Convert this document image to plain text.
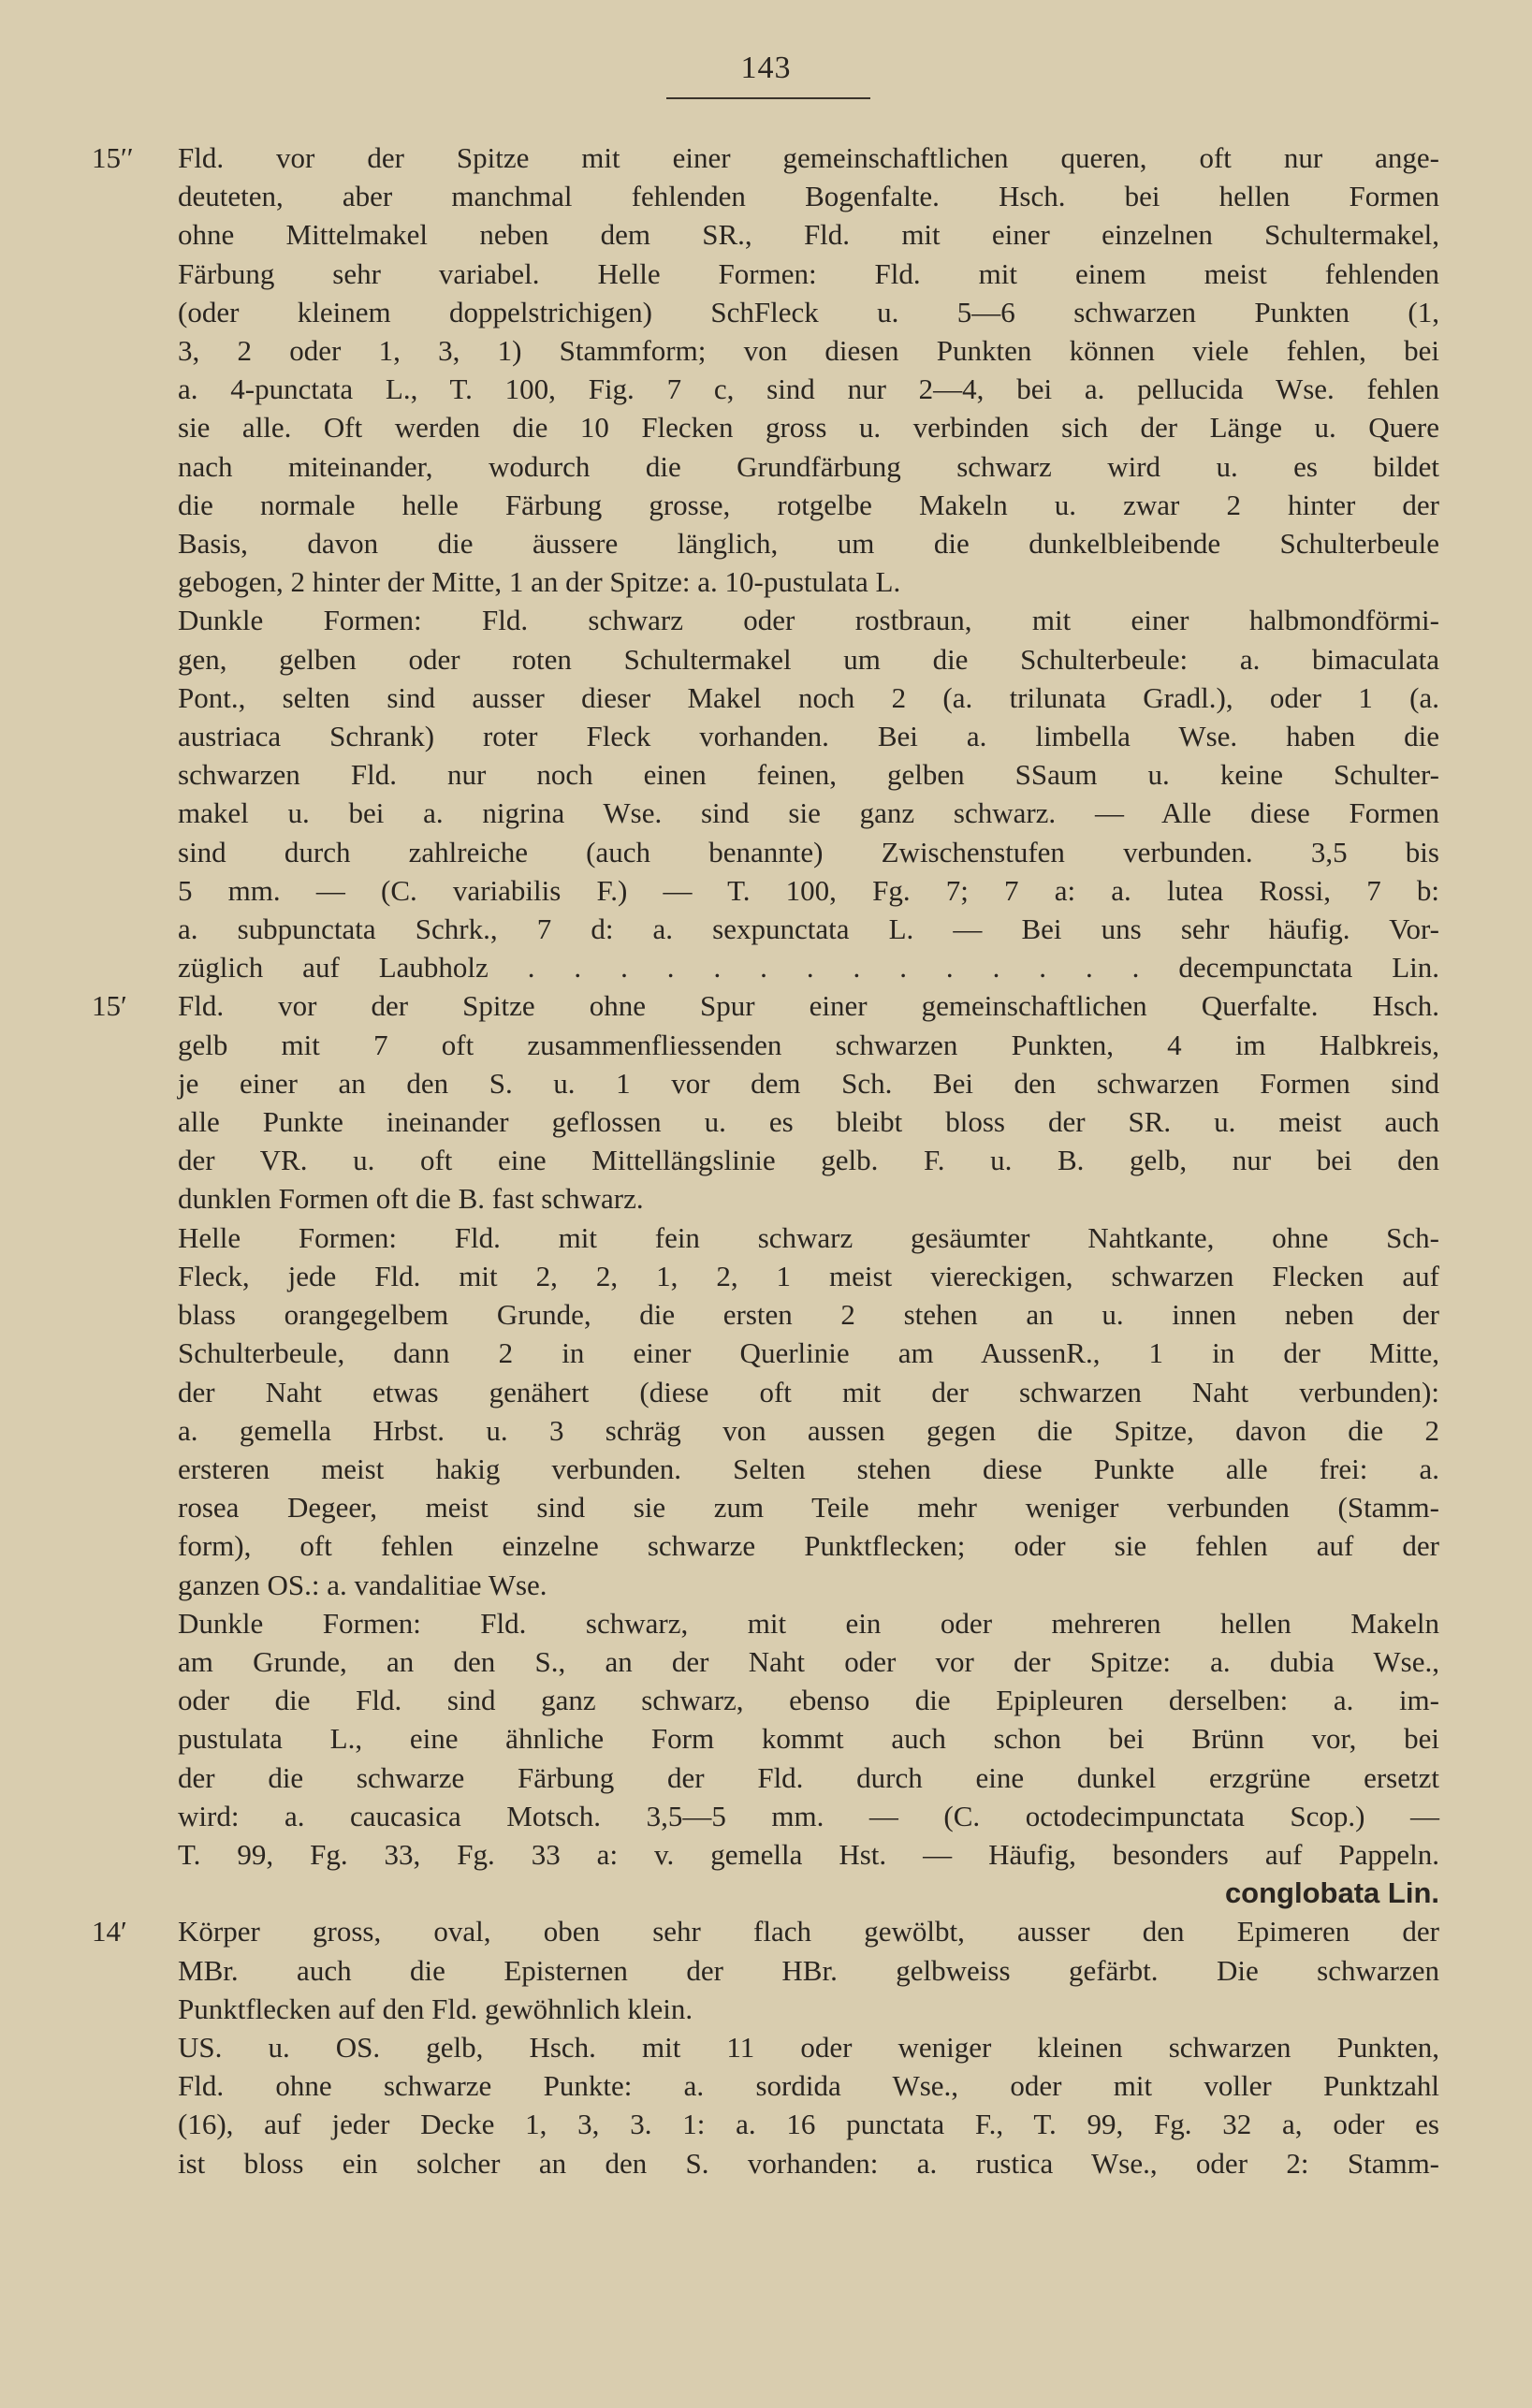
143
15′′ Fld. vor der Spitze mit einer gemeinschaftlichen queren, oft nur ange-
deuteten, aber manchmal fehlenden Bogenfalte. Hsch. bei hellen Formen
ohne Mittelmakel neben dem SR., Fld. mit einer einzelnen Schultermakel,
Färbung sehr variabel. Helle Formen: Fld. mit einem meist fehlenden
(oder kleinem doppelstrichigen) SchFleck u. 5—6 schwarzen Punkten (1,
3, 2 oder 1, 3, 1) Stammform; von diesen Punkten können viele fehlen, bei
a. 4-punctata L., T. 100, Fig. 7 c, sind nur 2—4, bei a. pellucida Wse. fehlen
sie alle. Oft werden die 10 Flecken gross u. verbinden sich der Länge u. Quere
nach miteinander, wodurch die Grundfärbung schwarz wird u. es bildet
die normale helle Färbung grosse, rotgelbe Makeln u. zwar 2 hinter der
Basis, davon die äussere länglich, um die dunkelbleibende Schulterbeule
gebogen, 2 hinter der Mitte, 1 an der Spitze: a. 10-pustulata L.
Dunkle Formen: Fld. schwarz oder rostbraun, mit einer halbmondförmi-
gen, gelben oder roten Schultermakel um die Schulterbeule: a. bimaculata
Pont., selten sind ausser dieser Makel noch 2 (a. trilunata Gradl.), oder 1 (a.
austriaca Schrank) roter Fleck vorhanden. Bei a. limbella Wse. haben die
schwarzen Fld. nur noch einen feinen, gelben SSaum u. keine Schulter-
makel u. bei a. nigrina Wse. sind sie ganz schwarz. — Alle diese Formen
sind durch zahlreiche (auch benannte) Zwischenstufen verbunden. 3,5 bis
5 mm. — (C. variabilis F.) — T. 100, Fg. 7; 7 a: a. lutea Rossi, 7 b:
a. subpunctata Schrk., 7 d: a. sexpunctata L. — Bei uns sehr häufig. Vor-
züglich auf Laubholz . . . . . . . . . . . . . . decempunctata Lin.
15′ Fld. vor der Spitze ohne Spur einer gemeinschaftlichen Querfalte. Hsch.
gelb mit 7 oft zusammenfliessenden schwarzen Punkten, 4 im Halbkreis,
je einer an den S. u. 1 vor dem Sch. Bei den schwarzen Formen sind
alle Punkte ineinander geflossen u. es bleibt bloss der SR. u. meist auch
der VR. u. oft eine Mittellängslinie gelb. F. u. B. gelb, nur bei den
dunklen Formen oft die B. fast schwarz.
Helle Formen: Fld. mit fein schwarz gesäumter Nahtkante, ohne Sch-
Fleck, jede Fld. mit 2, 2, 1, 2, 1 meist viereckigen, schwarzen Flecken auf
blass orangegelbem Grunde, die ersten 2 stehen an u. innen neben der
Schulterbeule, dann 2 in einer Querlinie am AussenR., 1 in der Mitte,
der Naht etwas genähert (diese oft mit der schwarzen Naht verbunden):
a. gemella Hrbst. u. 3 schräg von aussen gegen die Spitze, davon die 2
ersteren meist hakig verbunden. Selten stehen diese Punkte alle frei: a.
rosea Degeer, meist sind sie zum Teile mehr weniger verbunden (Stamm-
form), oft fehlen einzelne schwarze Punktflecken; oder sie fehlen auf der
ganzen OS.: a. vandalitiae Wse.
Dunkle Formen: Fld. schwarz, mit ein oder mehreren hellen Makeln
am Grunde, an den S., an der Naht oder vor der Spitze: a. dubia Wse.,
oder die Fld. sind ganz schwarz, ebenso die Epipleuren derselben: a. im-
pustulata L., eine ähnliche Form kommt auch schon bei Brünn vor, bei
der die schwarze Färbung der Fld. durch eine dunkel erzgrüne ersetzt
wird: a. caucasica Motsch. 3,5—5 mm. — (C. octodecimpunctata Scop.) —
T. 99, Fg. 33, Fg. 33 a: v. gemella Hst. — Häufig, besonders auf Pappeln.
conglobata Lin.
14′ Körper gross, oval, oben sehr flach gewölbt, ausser den Epimeren der
MBr. auch die Episternen der HBr. gelbweiss gefärbt. Die schwarzen
Punktflecken auf den Fld. gewöhnlich klein.
US. u. OS. gelb, Hsch. mit 11 oder weniger kleinen schwarzen Punkten,
Fld. ohne schwarze Punkte: a. sordida Wse., oder mit voller Punktzahl
(16), auf jeder Decke 1, 3, 3. 1: a. 16 punctata F., T. 99, Fg. 32 a, oder es
ist bloss ein solcher an den S. vorhanden: a. rustica Wse., oder 2: Stamm-
